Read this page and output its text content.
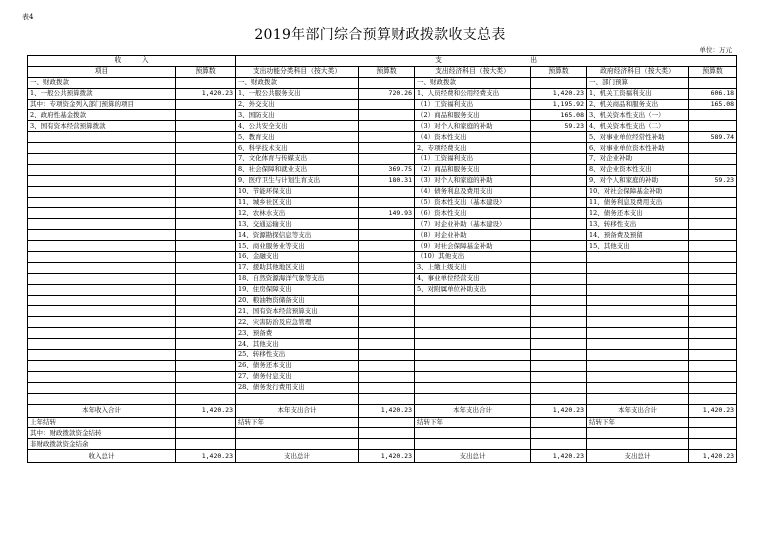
表4
2019年部门综合预算财政拨款收支总表
单位：万元
收　　　入		支　　　　　　　　　　　　　出					
项目	预算数	支出功能分类科目（按大类）	预算数	支出经济科目（按大类）	预算数	政府经济科目（按大类）	预算数
一、财政拨款		一、财政拨款		一、财政拨款		一、部门预算	
1、一般公共预算拨款	1,420.23	1、一般公共服务支出	720.26	1、人员经费和公用经费支出	1,420.23	1、机关工资福利支出	606.18
其中：专项资金列入部门预算的项目		2、外交支出		（1）工资福利支出	1,195.92	2、机关商品和服务支出	165.08
2、政府性基金拨款		3、国防支出		（2）商品和服务支出	165.08	3、机关资本性支出（一）	
3、国有资本经营预算拨款		4、公共安全支出		（3）对个人和家庭的补助	59.23	4、机关资本性支出（二）	
		5、教育支出		（4）资本性支出		5、对事业单位经常性补助	589.74
		6、科学技术支出		2、专项经费支出		6、对事业单位资本性补助	
		7、文化体育与传媒支出		（1）工资福利支出		7、对企业补助	
		8、社会保障和就业支出	369.75	（2）商品和服务支出		8、对企业资本性支出	
		9、医疗卫生与计划生育支出	180.31	（3）对个人和家庭的补助		9、对个人和家庭的补助	59.23
		10、节能环保支出		（4）债务利息及费用支出		10、对社会保障基金补助	
		11、城乡社区支出		（5）资本性支出（基本建设）		11、债务利息及费用支出	
		12、农林水支出	149.93	（6）资本性支出		12、债务还本支出	
		13、交通运输支出		（7）对企业补助（基本建设）		13、转移性支出	
		14、资源勘探信息等支出		（8）对企业补助		14、预备费及预留	
		15、商业服务业等支出		（9）对社会保障基金补助		15、其他支出	
		16、金融支出		（10）其他支出			
		17、援助其他地区支出		3、上缴上级支出			
		18、自然资源海洋气象等支出		4、事业单位经营支出			
		19、住房保障支出		5、对附属单位补助支出			
		20、粮油物资储备支出					
		21、国有资本经营预算支出					
		22、灾害防治及应急管理					
		23、预备费					
		24、其他支出					
		25、转移性支出					
		26、债务还本支出					
		27、债务付息支出					
		28、债务发行费用支出					

本年收入合计	1,420.23	本年支出合计	1,420.23	本年支出合计	1,420.23	本年支出合计	1,420.23
上年结转		结转下年		结转下年		结转下年	
其中：财政拨款资金结转							
非财政拨款资金结余							
收入总计	1,420.23	支出总计	1,420.23	支出总计	1,420.23	支出总计	1,420.23
